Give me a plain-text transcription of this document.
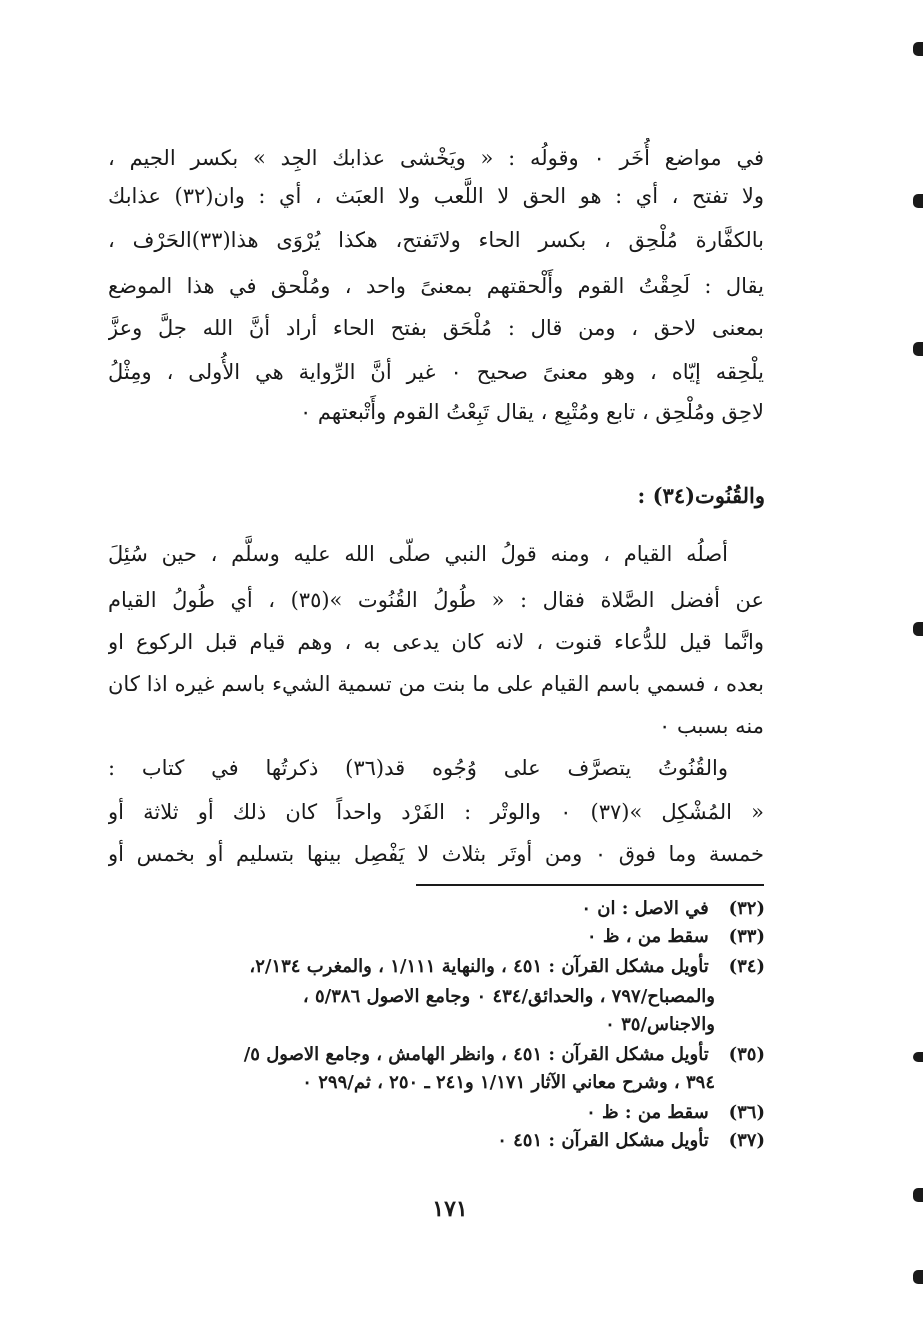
في مواضع أُخَر ٠ وقولُه : « ويَخْشى عذابك الجِد » بكسر الجيم ،
ولا تفتح ، أي : هو الحق لا اللَّعب ولا العبَث ، أي : وان(٣٢) عذابك
بالكفَّارة مُلْحِق ، بكسر الحاء ولاتَفتح، هكذا يُرْوَى هذا(٣٣)الحَرْف ،
يقال : لَحِقْتُ القوم وأَلْحقتهم بمعنىً واحد ، ومُلْحق في هذا الموضع
بمعنى لاحق ، ومن قال : مُلْحَق بفتح الحاء أراد أنَّ الله جلَّ وعزَّ
يلْحِقه إيّاه ، وهو معنىً صحيح ٠ غير أنَّ الرِّواية هي الأُولى ، ومِثْلُ
لاحِق ومُلْحِق ، تابع ومُتْبِع ، يقال تَبِعْتُ القوم وأَتْبعتهم ٠
والقُنُوت(٣٤) :
أصلُه القيام ، ومنه قولُ النبي صلّى الله عليه وسلَّم ، حين سُئِلَ
عن أفضل الصَّلاة فقال : « طُولُ القُنُوت »(٣٥) ، أي طُولُ القيام
وانَّما قيل للدُّعاء قنوت ، لانه كان يدعى به ، وهم قيام قبل الركوع او
بعده ، فسمي باسم القيام على ما بنت من تسمية الشيء باسم غيره اذا كان
منه بسبب ٠
والقُنُوتُ يتصرَّف على وُجُوه قد(٣٦) ذكرتُها في كتاب :
« المُشْكِل »(٣٧) ٠ والوتْر : الفَرْد واحداً كان ذلك أو ثلاثة أو
خمسة وما فوق ٠ ومن أوتَر بثلاث لا يَفْصِل بينها بتسليم أو بخمس أو
(٣٢) في الاصل : ان ٠
(٣٣) سقط من ، ظ ٠
(٣٤) تأويل مشكل القرآن : ٤٥١ ، والنهاية ١/١١١ ، والمغرب ٢/١٣٤،
والمصباح/٧٩٧ ، والحدائق/٤٣٤ ٠ وجامع الاصول ٥/٣٨٦ ،
والاجناس/٣٥ ٠
(٣٥) تأويل مشكل القرآن : ٤٥١ ، وانظر الهامش ، وجامع الاصول ٥/
٣٩٤ ، وشرح معاني الآثار ١/١٧١ و٢٤١ ـ ٢٥٠ ، ثم/٢٩٩ ٠
(٣٦) سقط من : ظ ٠
(٣٧) تأويل مشكل القرآن : ٤٥١ ٠
١٧١
